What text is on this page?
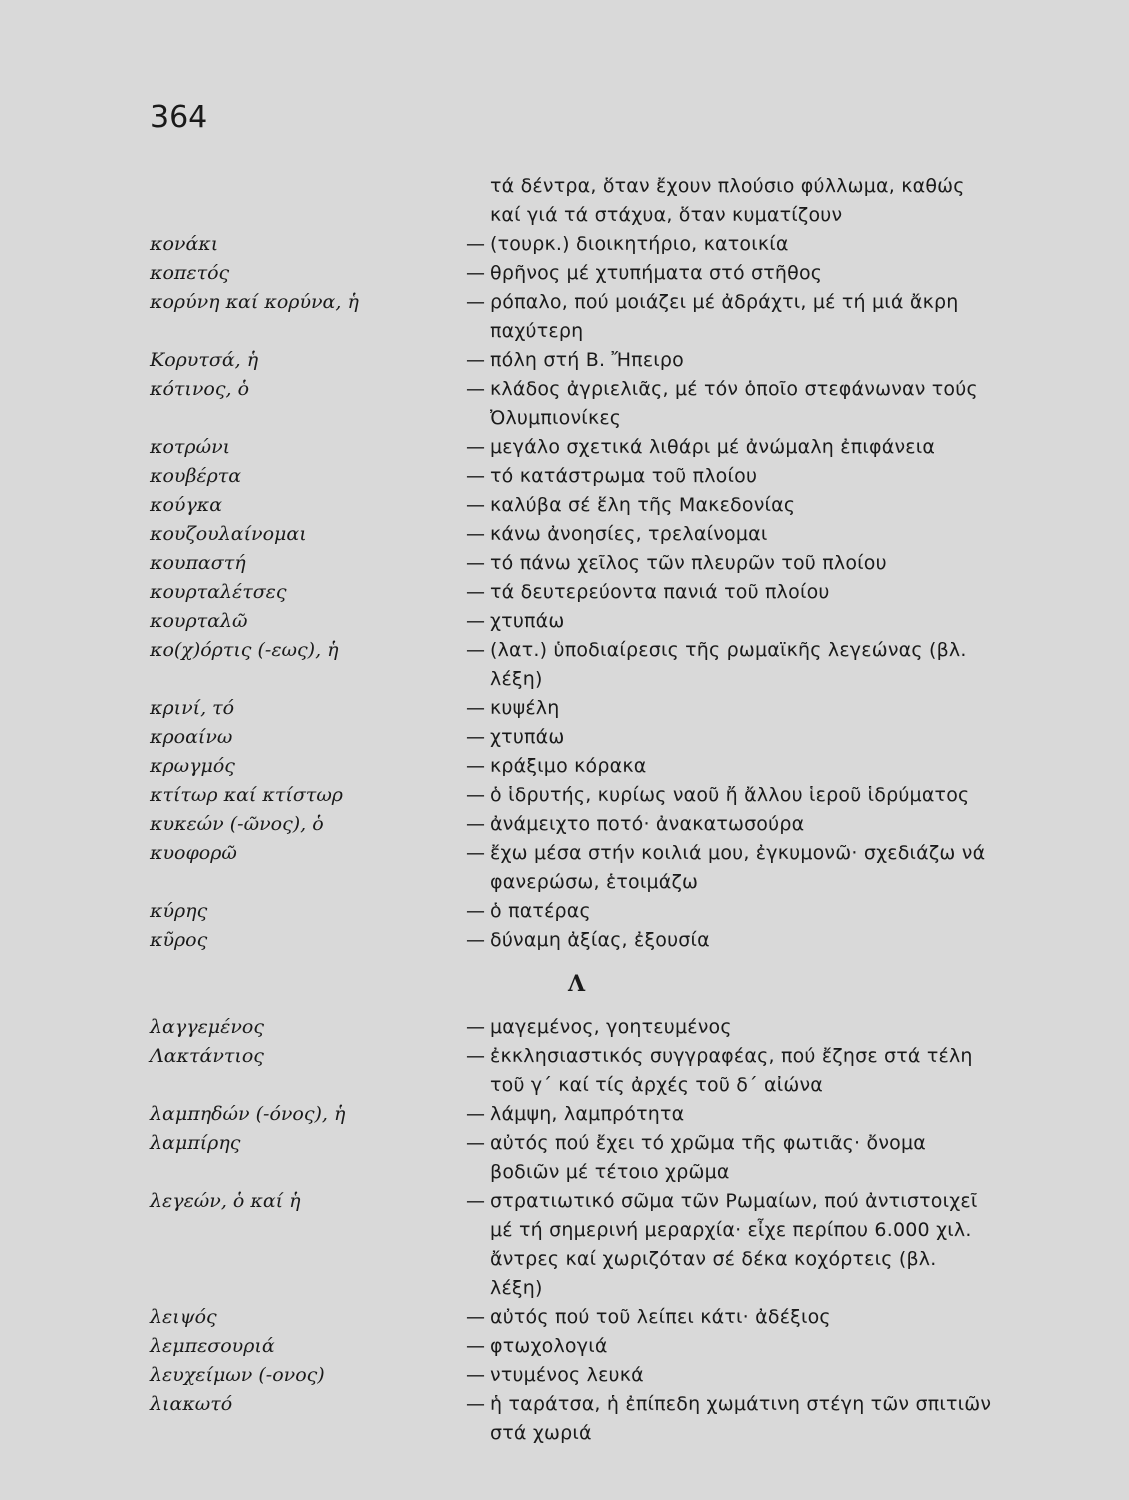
364
τά δέντρα, ὅταν ἔχουν πλούσιο φύλλωμα, καθώς καί γιά τά στάχυα, ὅταν κυματίζουν
κονάκι	— (τουρκ.) διοικητήριο, κατοικία
κοπετός	— θρῆνος μέ χτυπήματα στό στῆθος
κορύνη καί κορύνα, ἡ	— ρόπαλο, πού μοιάζει μέ ἀδράχτι, μέ τή μιά ἄκρη παχύτερη
Κορυτσά, ἡ	— πόλη στή Β. Ἤπειρο
κότινος, ὁ	— κλάδος ἀγριελιᾶς, μέ τόν ὁποῖο στεφάνωναν τούς Ὀλυμπιονίκες
κοτρώνι	— μεγάλο σχετικά λιθάρι μέ ἀνώμαλη ἐπιφάνεια
κουβέρτα	— τό κατάστρωμα τοῦ πλοίου
κούγκα	— καλύβα σέ ἕλη τῆς Μακεδονίας
κουζουλαίνομαι	— κάνω ἀνοησίες, τρελαίνομαι
κουπαστή	— τό πάνω χεῖλος τῶν πλευρῶν τοῦ πλοίου
κουρταλέτσες	— τά δευτερεύοντα πανιά τοῦ πλοίου
κουρταλῶ	— χτυπάω
κο(χ)όρτις (-εως), ἡ	— (λατ.) ὑποδιαίρεσις τῆς ρωμαϊκῆς λεγεώνας (βλ. λέξη)
κρινί, τό	— κυψέλη
κροαίνω	— χτυπάω
κρωγμός	— κράξιμο κόρακα
κτίτωρ καί κτίστωρ	— ὁ ἱδρυτής, κυρίως ναοῦ ἤ ἄλλου ἱεροῦ ἱδρύματος
κυκεών (-ῶνος), ὁ	— ἀνάμειχτο ποτό· ἀνακατωσούρα
κυοφορῶ	— ἔχω μέσα στήν κοιλιά μου, ἐγκυμονῶ· σχεδιάζω νά φανερώσω, ἑτοιμάζω
κύρης	— ὁ πατέρας
κῦρος	— δύναμη ἀξίας, ἐξουσία
Λ
λαγγεμένος	— μαγεμένος, γοητευμένος
Λακτάντιος	— ἐκκλησιαστικός συγγραφέας, πού ἔζησε στά τέλη τοῦ γ΄ καί τίς ἀρχές τοῦ δ΄ αἰώνα
λαμπηδών (-όνος), ἡ	— λάμψη, λαμπρότητα
λαμπίρης	— αὐτός πού ἔχει τό χρῶμα τῆς φωτιᾶς· ὄνομα βοδιῶν μέ τέτοιο χρῶμα
λεγεών, ὁ καί ἡ	— στρατιωτικό σῶμα τῶν Ρωμαίων, πού ἀντιστοιχεῖ μέ τή σημερινή μεραρχία· εἶχε περίπου 6.000 χιλ. ἄντρες καί χωριζόταν σέ δέκα κοχόρτεις (βλ. λέξη)
λειψός	— αὐτός πού τοῦ λείπει κάτι· ἀδέξιος
λεμπεσουριά	— φτωχολογιά
λευχείμων (-ονος)	— ντυμένος λευκά
λιακωτό	— ἡ ταράτσα, ἡ ἐπίπεδη χωμάτινη στέγη τῶν σπιτιῶν στά χωριά
